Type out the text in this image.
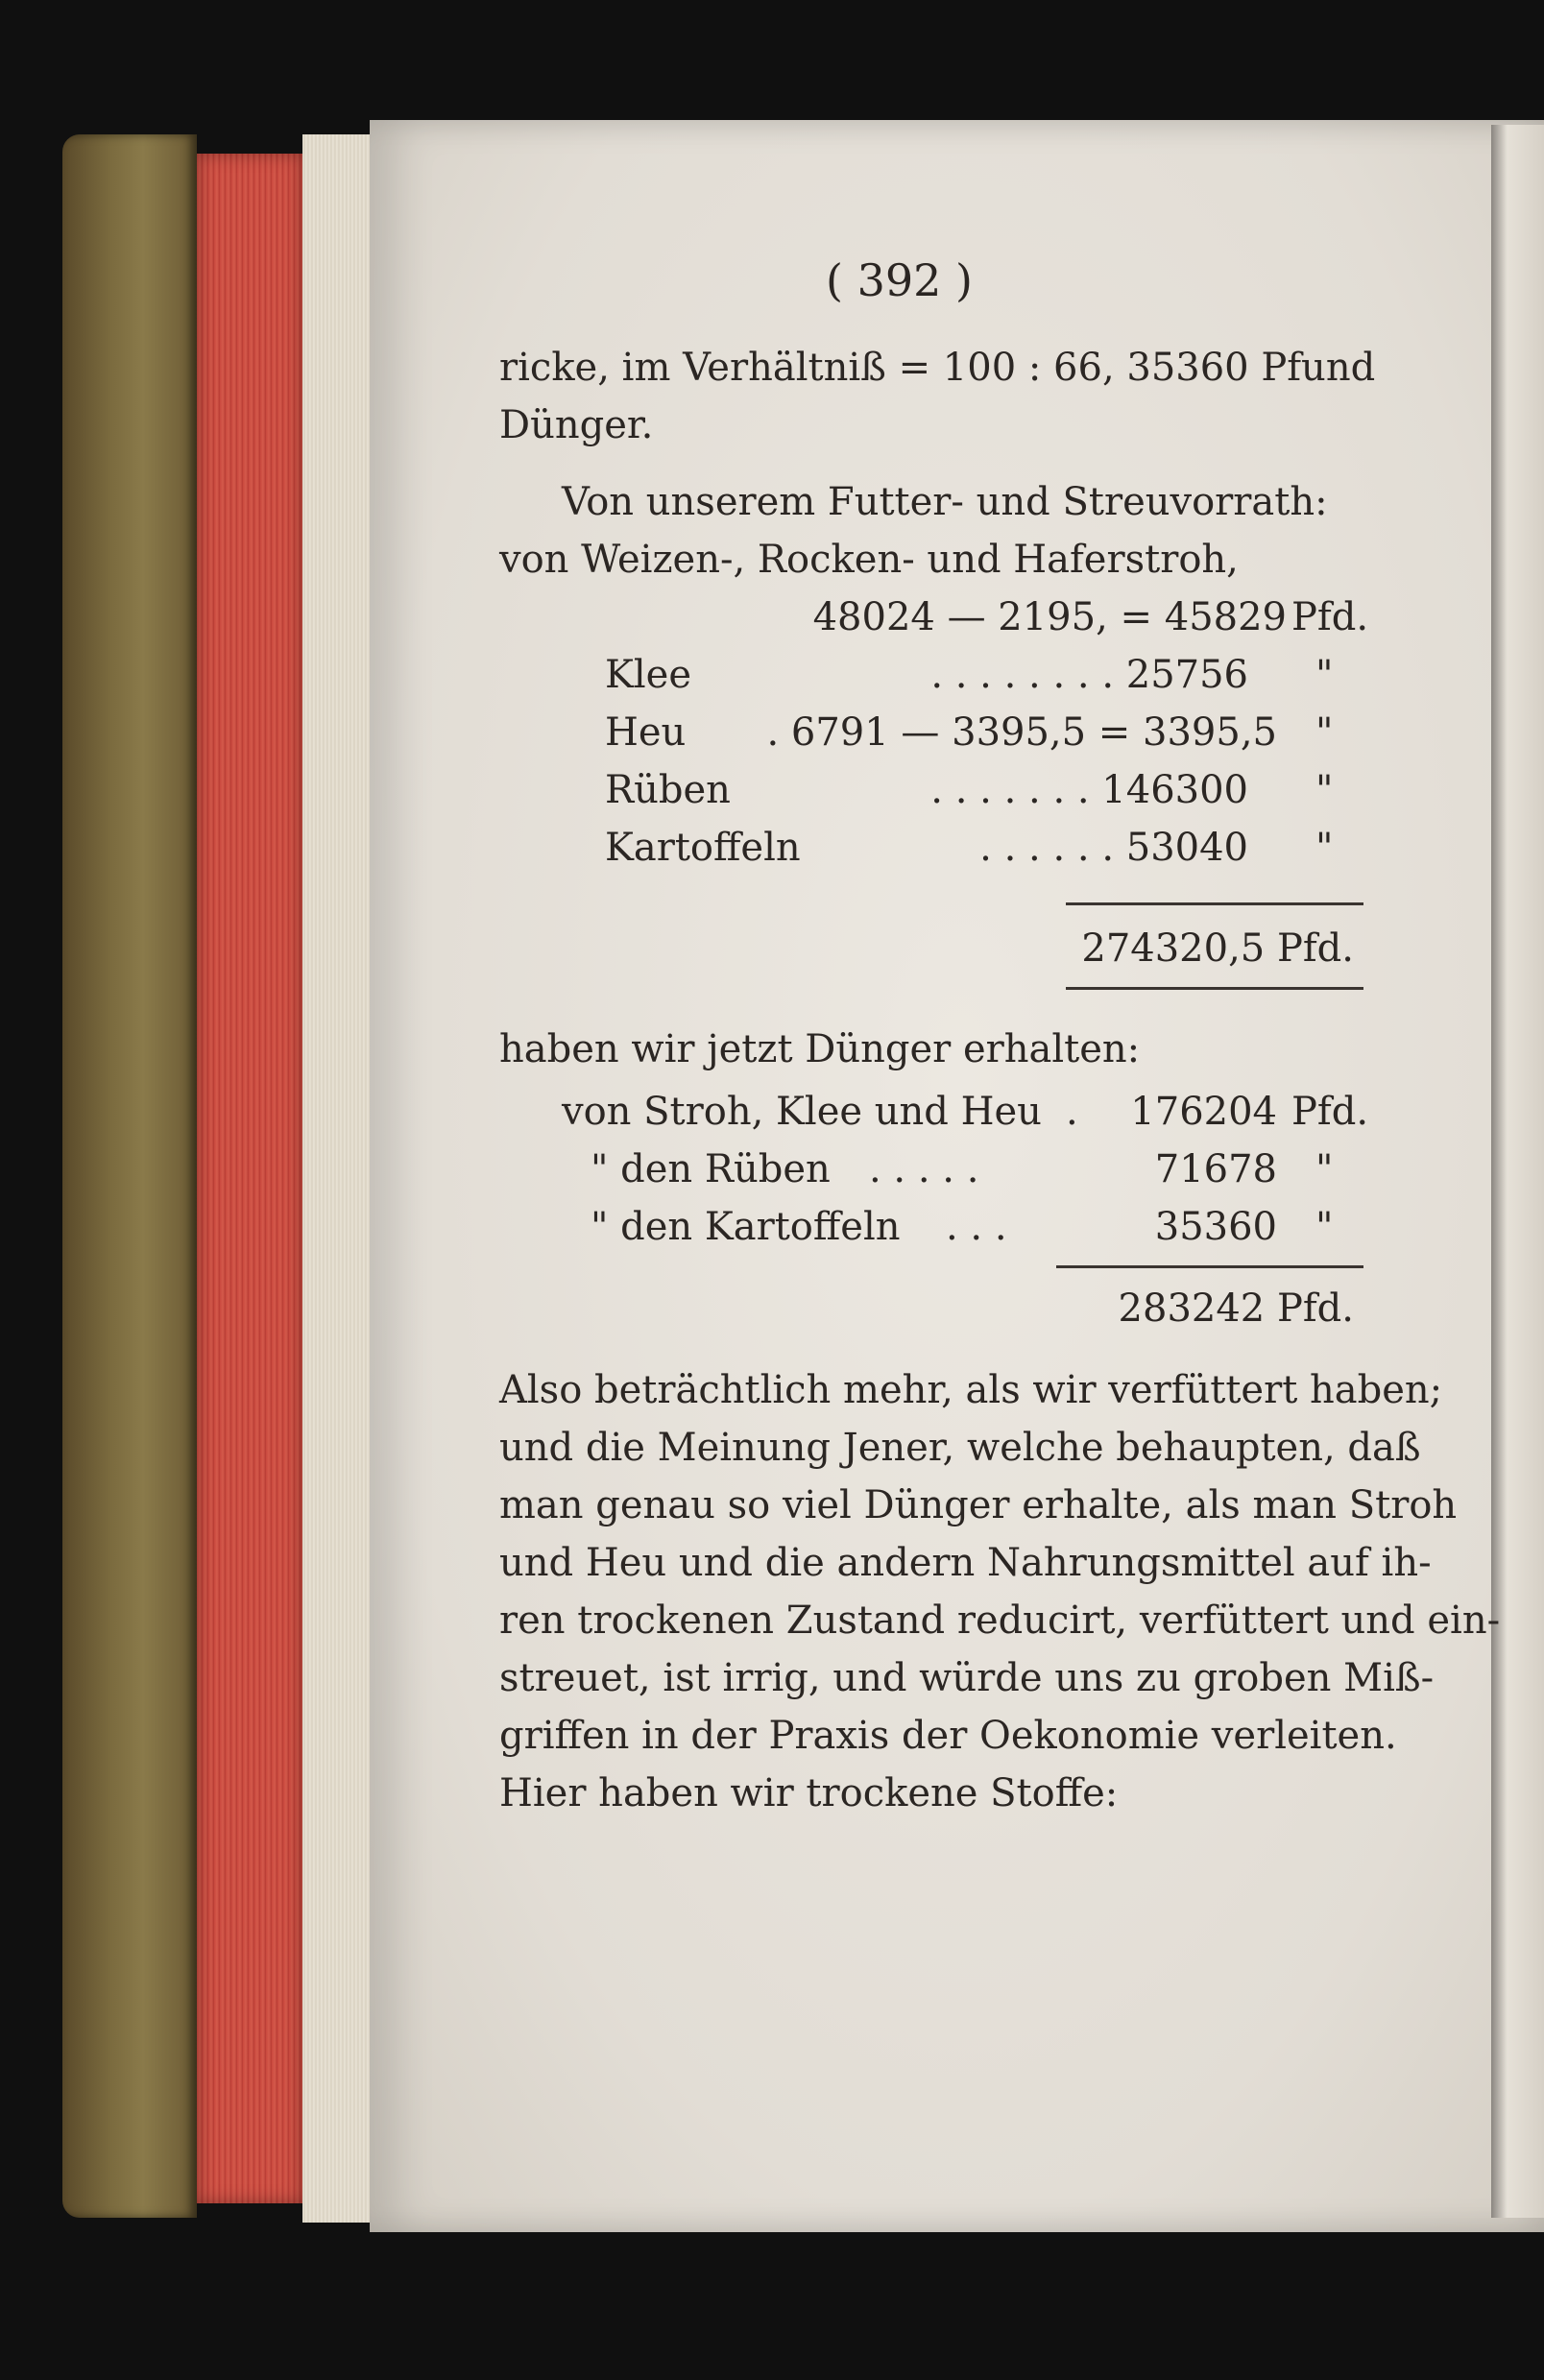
( 392 )
ricke, im Verhältniß = 100 : 66, 35360 Pfund
Dünger.
Von unserem Futter- und Streuvorrath:
von Weizen-, Rocken- und Haferstroh,
48024 — 2195, = 45829 Pfd.
Klee	. . . . . . . . 25756 "
Heu	. 6791 — 3395,5 = 3395,5 "
Rüben	. . . . . . . 146300 "
Kartoffeln	. . . . . . 53040 "
274320,5 Pfd.
haben wir jetzt Dünger erhalten:
von Stroh, Klee und Heu .	176204 Pfd.
" den Rüben . . . . .	71678 "
" den Kartoffeln . . .	35360 "
283242 Pfd.
Also beträchtlich mehr, als wir verfüttert haben;
und die Meinung Jener, welche behaupten, daß
man genau so viel Dünger erhalte, als man Stroh
und Heu und die andern Nahrungsmittel auf ih-
ren trockenen Zustand reducirt, verfüttert und ein-
streuet, ist irrig, und würde uns zu groben Miß-
griffen in der Praxis der Oekonomie verleiten.
Hier haben wir trockene Stoffe:
